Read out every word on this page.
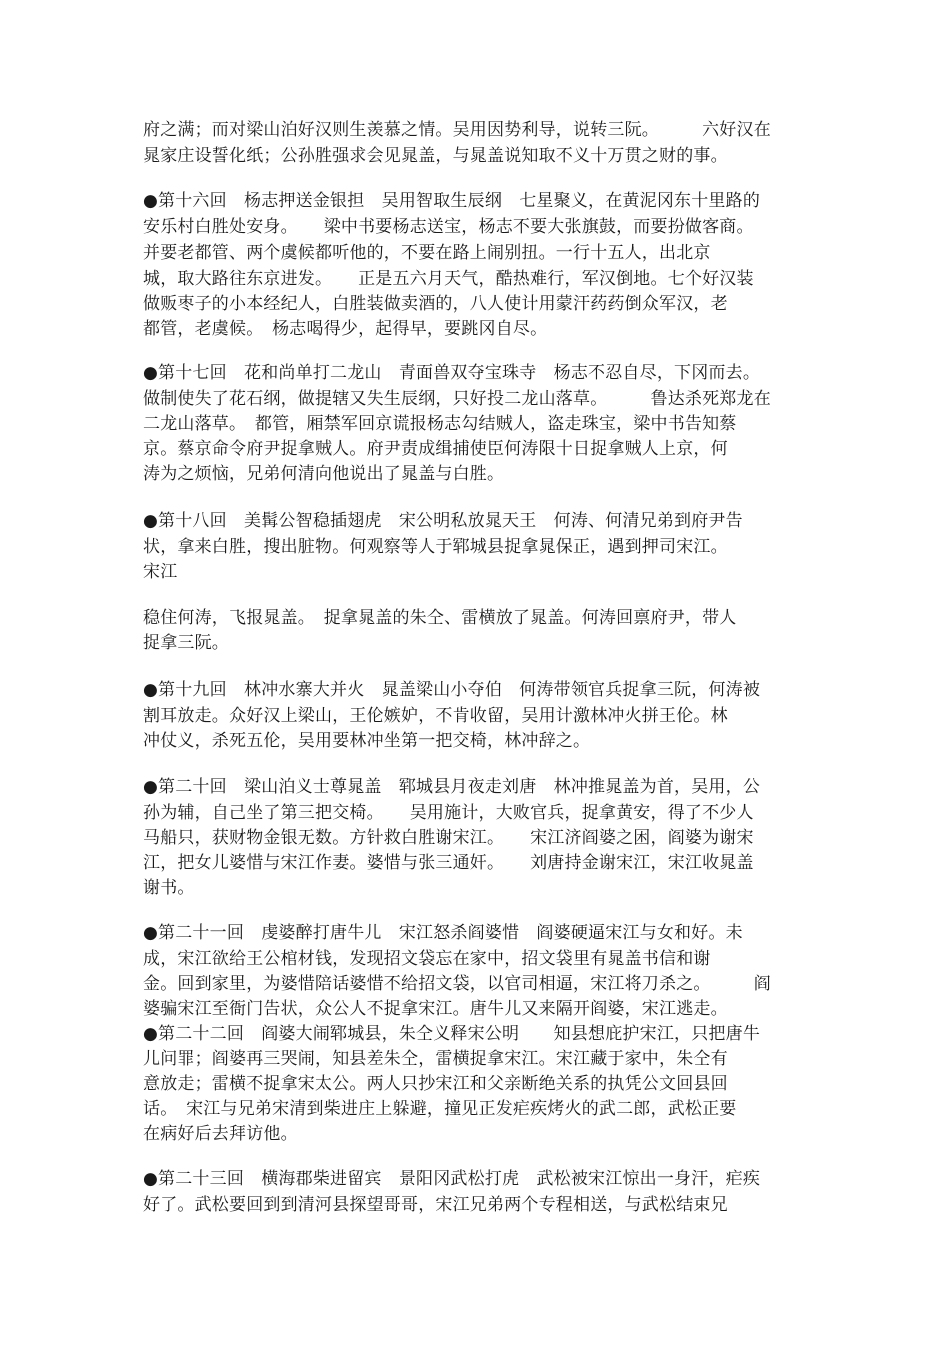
府之满；而对梁山泊好汉则生羡慕之情。吴用因势利导，说转三阮。　　　六好汉在
晁家庄设誓化纸；公孙胜强求会见晁盖，与晁盖说知取不义十万贯之财的事。
●第十六回　杨志押送金银担　吴用智取生辰纲　七星聚义，在黄泥冈东十里路的
安乐村白胜处安身。　　梁中书要杨志送宝，杨志不要大张旗鼓，而要扮做客商。
并要老都管、两个虞候都听他的，不要在路上闹别扭。一行十五人，出北京
城，取大路往东京进发。　　正是五六月天气，酷热难行，军汉倒地。七个好汉装
做贩枣子的小本经纪人，白胜装做卖酒的，八人使计用蒙汗药药倒众军汉，老
都管，老虞候。　杨志喝得少，起得早，要跳冈自尽。
●第十七回　花和尚单打二龙山　青面兽双夺宝珠寺　杨志不忍自尽，下冈而去。
做制使失了花石纲，做提辖又失生辰纲，只好投二龙山落草。　　　鲁达杀死郑龙在
二龙山落草。　都管，厢禁军回京谎报杨志勾结贼人，盗走珠宝，梁中书告知蔡
京。蔡京命令府尹捉拿贼人。府尹责成缉捕使臣何涛限十日捉拿贼人上京，何
涛为之烦恼，兄弟何清向他说出了晁盖与白胜。
●第十八回　美髯公智稳插翅虎　宋公明私放晁天王　何涛、何清兄弟到府尹告
状，拿来白胜，搜出脏物。何观察等人于郓城县捉拿晁保正，遇到押司宋江。
宋江
稳住何涛，飞报晁盖。　捉拿晁盖的朱仝、雷横放了晁盖。何涛回禀府尹，带人
捉拿三阮。
●第十九回　林冲水寨大并火　晁盖梁山小夺伯　何涛带领官兵捉拿三阮，何涛被
割耳放走。众好汉上梁山，王伦嫉妒，不肯收留，吴用计激林冲火拼王伦。林
冲仗义，杀死五伦，吴用要林冲坐第一把交椅，林冲辞之。
●第二十回　梁山泊义士尊晁盖　郓城县月夜走刘唐　林冲推晁盖为首，吴用，公
孙为辅，自己坐了第三把交椅。　　吴用施计，大败官兵，捉拿黄安，得了不少人
马船只，获财物金银无数。方针救白胜谢宋江。　　宋江济阎婆之困，阎婆为谢宋
江，把女儿婆惜与宋江作妻。婆惜与张三通奸。　　刘唐持金谢宋江，宋江收晁盖
谢书。
●第二十一回　虔婆醉打唐牛儿　宋江怒杀阎婆惜　阎婆硬逼宋江与女和好。未
成，宋江欲给王公棺材钱，发现招文袋忘在家中，招文袋里有晁盖书信和谢
金。回到家里，为婆惜陪话婆惜不给招文袋，以官司相逼，宋江将刀杀之。　　　阎
婆骗宋江至衙门告状，众公人不捉拿宋江。唐牛儿又来隔开阎婆，宋江逃走。
●第二十二回　阎婆大闹郓城县，朱仝义释宋公明　　知县想庇护宋江，只把唐牛
儿问罪；阎婆再三哭闹，知县差朱仝，雷横捉拿宋江。宋江藏于家中，朱仝有
意放走；雷横不捉拿宋太公。两人只抄宋江和父亲断绝关系的执凭公文回县回
话。　宋江与兄弟宋清到柴进庄上躲避，撞见正发疟疾烤火的武二郎，武松正要
在病好后去拜访他。
●第二十三回　横海郡柴进留宾　景阳冈武松打虎　武松被宋江惊出一身汗，疟疾
好了。武松要回到到清河县探望哥哥，宋江兄弟两个专程相送，与武松结束兄
